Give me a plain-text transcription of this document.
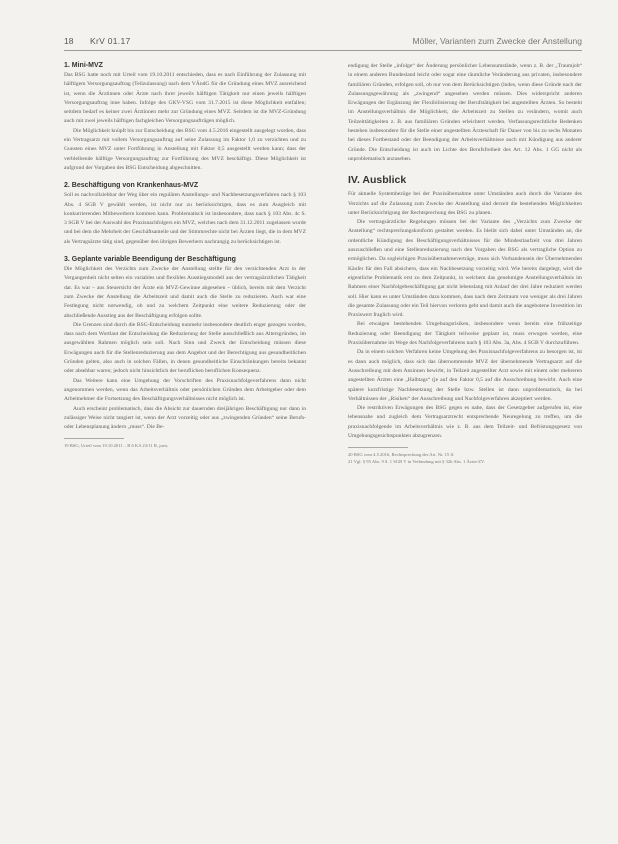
18 KrV 01.17	Möller, Varianten zum Zwecke der Anstellung
1. Mini-MVZ

Das BSG hatte noch mit Urteil vom 19.10.2011 entschieden, dass es nach Einführung der Zulassung mit hälftigem Versorgungsauftrag (Teilzulassung) nach dem VÄndG für die Gründung eines MVZ ausreichend ist, wenn die Ärztinnen oder Ärzte nach ihrer jeweils hälftigen Tätigkeit nur einen jeweils hälftigen Versorgungsauftrag inne haben. Infolge des GKV-VSG vom 31.7.2015 ist diese Möglichkeit entfallen; seitdem bedarf es keiner zwei Ärztinnen mehr zur Gründung eines MVZ. Seitdem ist die MVZ-Gründung auch mit zwei jeweils hälftigen fachgleichen Versorgungsaufträgen möglich.

Die Möglichkeit knüpft bis zur Entscheidung des BSG vom 4.5.2016 eingestellt ausgelegt worden, dass ein Vertragsarzt mit vollem Versorgungsauftrag auf seine Zulassung im Faktor 1,0 zu verzichten und zu Gunsten eines MVZ unter Fortführung in Anstellung mit Faktor 0,5 ausgestellt werden kann; dass der verbleibende hälftige Versorgungsauftrag zur Fortführung des MVZ beschäftigt. Diese Möglichkeit ist aufgrund der Vorgaben des BSG Entscheidung abgeschnitten.

2. Beschäftigung von Krankenhaus-MVZ

Soll es nachvollziehbar der Weg über ein regulären Anstellungs- und Nachbesetzungsverfahren nach § 103 Abs. 4 SGB V gewählt werden, ist nicht nur zu berücksichtigen, dass es zum Ausgleich mit konkurrierenden Mitbewerbern kommen kann. Problematisch ist insbesondere, dass nach § 103 Abs. 4c S. 3 SGB V bei der Auswahl des Praxisnachfolgers ein MVZ, welches nach dem 31.12.2011 zugelassen wurde und bei dem die Mehrheit der Geschäftsanteile und der Stimmrechte nicht bei Ärzten liegt, die in dem MVZ als Vertragsärzte tätig sind, gegenüber den übrigen Bewerbern nachrangig zu berücksichtigen ist.

3. Geplante variable Beendigung der Beschäftigung

Die Möglichkeit des Verzichts zum Zwecke der Anstellung stellte für den verzichtenden Arzt in der Vergangenheit nicht selten ein variables und flexibles Ausstiegsmodell aus der vertragsärztlichen Tätigkeit dar. Es war – aus Steuersicht der Ärzte ein MVZ-Gewinne abgesehen – üblich, bereits mit dem Verzicht zum Zwecke der Anstellung die Arbeitszeit und damit auch die Stelle zu reduzieren. Auch war eine Festlegung nicht notwendig, ob und zu welchem Zeitpunkt eine weitere Reduzierung oder der abschließende Ausstieg aus der Beschäftigung erfolgen sollte.

Die Grenzen sind durch die BSG-Entscheidung nunmehr insbesondere deutlich enger gezogen worden, dass nach dem Wortlaut der Entscheidung die Reduzierung der Stelle ausschließlich aus Altersgründen, im ausgewählten Rahmen möglich sein soll. Nach Sinn und Zweck der Entscheidung müssen diese Erwägungen auch für die Stellenreduzierung aus dem Angebot und der Berechtigung aus gesundheitlichen Gründen gelten, also auch in solchen Fällen, in denen gesundheitliche Einschränkungen bereits bekannt oder absehbar waren; jedoch nicht hinsichtlich der beruflichen beruflichen Konsequenz.

Das Weitere kann eine Umgehung der Vorschriften des Praxisnachfolgeverfahrens dann nicht angenommen werden, wenn das Arbeitsverhältnis oder persönlichen Gründen dem Arbeitgeber oder dem Arbeitnehmer die Fortsetzung des Beschäftigungsverhältnisses nicht möglich ist.

Auch erscheint problematisch, dass die Absicht zur dauernden dreijährigen Beschäftigung nur dann in zulässiger Weise nicht tangiert ist, wenn der Arzt vorzeitig oder aus „zwingenden Gründen“ seine Berufs- oder Lebensplanung ändern „muss“. Die Be-

19 BSG, Urteil vom 19.10.2011 – B 6 KA 23/11 R, juris.

endigung der Stelle „infolge“ der Änderung persönlicher Lebensumstände, wenn z. B. der „Traumjob“ in einem anderen Bundesland leicht oder sogar eine räumliche Veränderung aus privaten, insbesondere familiären Gründen, erfolgen soll, ob nur von dem Berücksichtigen (lndes, wenn diese Gründe nach der Zulassungsgewährung als „zwingend“ angesehen werden müssen. Dies widerspricht anderen Erwägungen der Ergänzung der Flexibilisierung der Berufstätigkeit bei angestellten Ärzten. So besteht im Anstellungsverhältnis die Möglichkeit, die Arbeitszeit zu Stellen zu verändern, womit auch Teilzeittätigkeiten z. B. aus familiären Gründen erleichtert werden. Verfassungsrechtliche Bedenken bestehen insbesondere für die Stelle einer angestellten Ärzteschaft für Dauer von bis zu sechs Monaten bei dieses Fortbestand oder der Beendigung der Arbeitsverhältnisse auch mit Kündigung aus anderer Gründe. Die Entscheidung ist auch im Lichte des Berufsfreiheit des Art. 12 Abs. 1 GG nicht als unproblematisch anzusehen.

IV. Ausblick

Für aktuelle Systembezüge bei der Praxisübernahme unter Umständen auch durch die Variante des Verzichts auf die Zulassung zum Zwecke der Anstellung sind derzeit die bestehenden Möglichkeiten unter Berücksichtigung der Rechtsprechung des BSG zu planen.

Die vertragsärztliche Regelungen müssen bei der Variante des „Verzichts zum Zwecke der Anstellung“ rechtsprechungskonform gestaltet werden. Es bleibt sich dabei unter Umständen an, die ordentliche Kündigung des Beschäftigungsverhältnisses für die Mindestlaufzeit von drei Jahren auszuschließen und eine Stellenreduzierung nach den Vorgaben des BSG als vertragliche Option zu ermöglichen. Da sogleichigen Praxisübernahmeverträge, muss sich Vorhandensein der Übernehmenden Käufer für den Fall absichern, dass ein Nachbesetzung vorzeitig wird. Wie bereits dargelegt, wird die eigentliche Problematik erst zu dem Zeitpunkt, in welchem das genehmigte Anstellungsverhältnis im Rahmen einer Nachfolgebeschäftigung gar nicht lebenslang mit Anlauf der drei Jahre reduziert werden soll. Hier kann es unter Umständen dazu kommen, dass nach dem Zeitraum von weniger als drei Jahren die gesamte Zulassung oder ein Teil hiervon verloren geht und damit auch die angebotene Investition im Praxiswert fraglich wird.

Bei etwaigen bestehenden Umgebungsrisiken, insbesondere wenn bereits eine frühzeitige Reduzierung oder Beendigung der Tätigkeit teilweise geplant ist, muss erwogen werden, eine Praxisübernahme im Wege des Nachfolgeverfahrens nach § 103 Abs. 3a, Abs. 4 SGB V durchzuführen.

Da in einem solchen Verfahren keine Umgehung des Praxisnachfolgeverfahrens zu besorgen ist, ist es dann auch möglich, dass sich das übernommende MVZ der übernehmende Vertragsarzt auf die Ausschreibung mit dem Ansinnen bewirbt, in Teilzeit angestellter Arzt sowie mit einem oder mehreren angestellten Ärzten eine „Halbtags“ (je auf den Faktor 0,5 auf die Ausschreibung bewirbt. Auch eine spätere kurzfristige Nachbesetzung der Stelle bzw. Stellen ist dann unproblematisch, da bei Verhältnissen der „Risiken“ der Ausschreibung und Nachfolgeverfahren akzeptiert werden.

Die restriktiven Erwägungen des BSG gegen es nahe, dass der Gesetzgeber aufgerufen ist, eine lebensnahe und zugleich dem Vertragsarztrecht entsprechende Neuregelung zu treffen, um die praxisnachfolgende im Arbeitsverhältnis wie z. B. aus dem Teilzeit- und Befristungsgesetz von Umgehungsgesichtspunkten abzugrenzen.

20 BSG vom 4.5.2016, Rechtsprechung des Art. Nr. 15 ff.

21 Vgl. § 95 Abs. 9 S. 1 SGB V in Verbindung mit § 32b Abs. 1 Ärzte-ZV.
